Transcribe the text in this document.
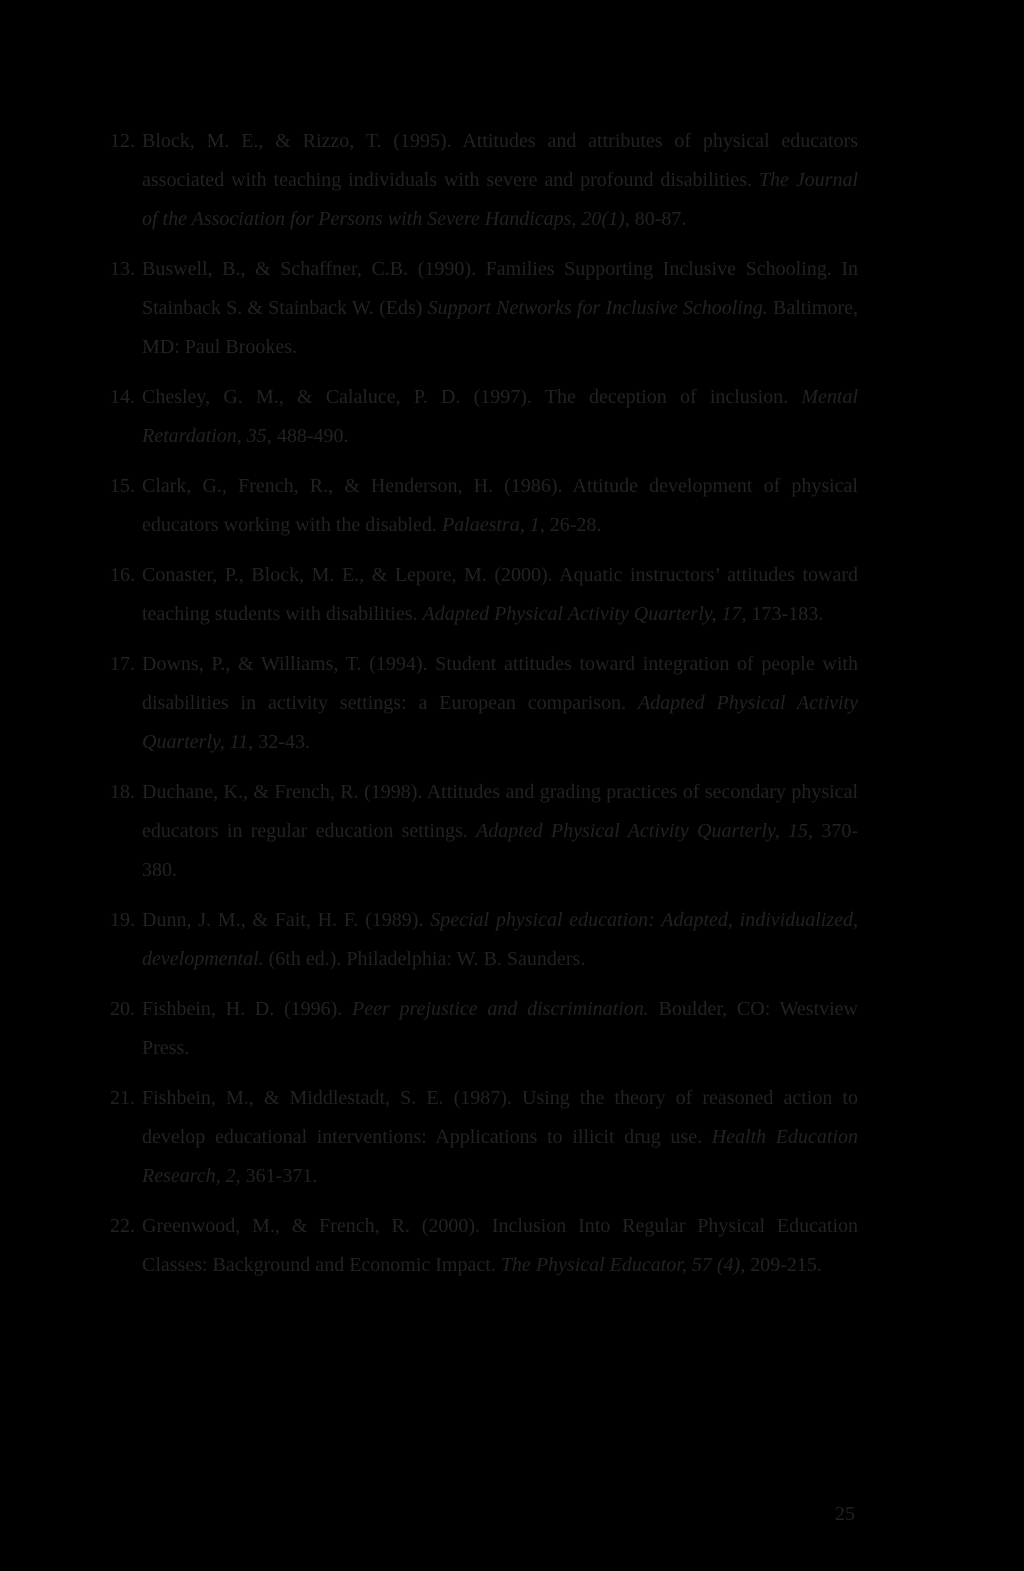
12. Block, M. E., & Rizzo, T. (1995). Attitudes and attributes of physical educators associated with teaching individuals with severe and profound disabilities. The Journal of the Association for Persons with Severe Handicaps, 20(1), 80-87.
13. Buswell, B., & Schaffner, C.B. (1990). Families Supporting Inclusive Schooling. In Stainback S. & Stainback W. (Eds) Support Networks for Inclusive Schooling. Baltimore, MD: Paul Brookes.
14. Chesley, G. M., & Calaluce, P. D. (1997). The deception of inclusion. Mental Retardation, 35, 488-490.
15. Clark, G., French, R., & Henderson, H. (1986). Attitude development of physical educators working with the disabled. Palaestra, 1, 26-28.
16. Conaster, P., Block, M. E., & Lepore, M. (2000). Aquatic instructors’ attitudes toward teaching students with disabilities. Adapted Physical Activity Quarterly, 17, 173-183.
17. Downs, P., & Williams, T. (1994). Student attitudes toward integration of people with disabilities in activity settings: a European comparison. Adapted Physical Activity Quarterly, 11, 32-43.
18. Duchane, K., & French, R. (1998). Attitudes and grading practices of secondary physical educators in regular education settings. Adapted Physical Activity Quarterly, 15, 370-380.
19. Dunn, J. M., & Fait, H. F. (1989). Special physical education: Adapted, individualized, developmental. (6th ed.). Philadelphia: W. B. Saunders.
20. Fishbein, H. D. (1996). Peer prejustice and discrimination. Boulder, CO: Westview Press.
21. Fishbein, M., & Middlestadt, S. E. (1987). Using the theory of reasoned action to develop educational interventions: Applications to illicit drug use. Health Education Research, 2, 361-371.
22. Greenwood, M., & French, R. (2000). Inclusion Into Regular Physical Education Classes: Background and Economic Impact. The Physical Educator, 57 (4), 209-215.
25
